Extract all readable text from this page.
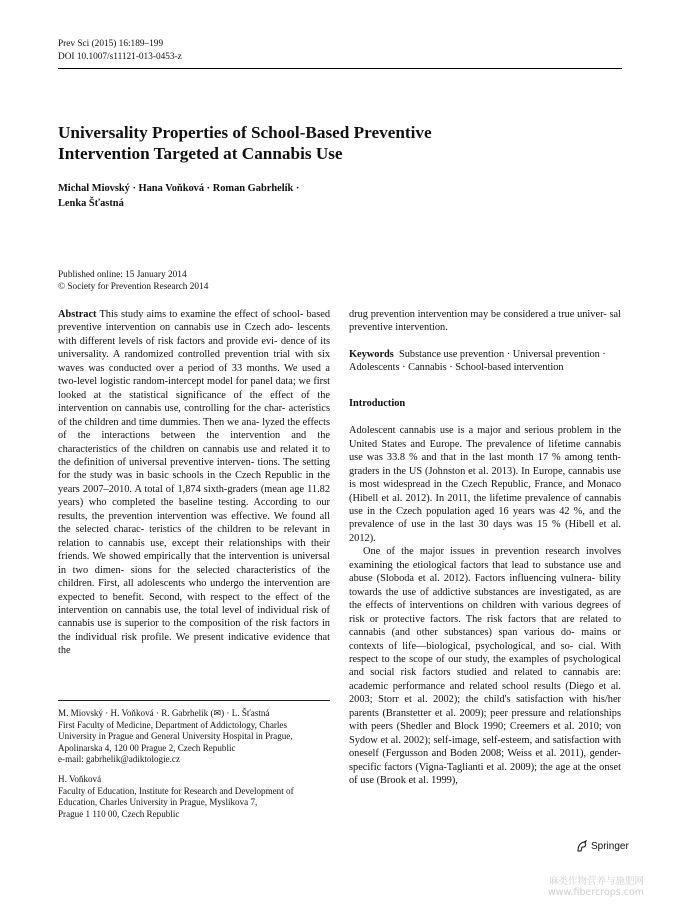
Prev Sci (2015) 16:189–199
DOI 10.1007/s11121-013-0453-z
Universality Properties of School-Based Preventive
Intervention Targeted at Cannabis Use
Michal Miovský · Hana Voňková · Roman Gabrhelík ·
Lenka Šťastná
Published online: 15 January 2014
© Society for Prevention Research 2014

Abstract This study aims to examine the effect of school- based preventive intervention on cannabis use in Czech ado- lescents with different levels of risk factors and provide evi- dence of its universality. A randomized controlled prevention trial with six waves was conducted over a period of 33 months. We used a two-level logistic random-intercept model for panel data; we first looked at the statistical significance of the effect of the intervention on cannabis use, controlling for the char- acteristics of the children and time dummies. Then we ana- lyzed the effects of the interactions between the intervention and the characteristics of the children on cannabis use and related it to the definition of universal preventive interven- tions. The setting for the study was in basic schools in the Czech Republic in the years 2007–2010. A total of 1,874 sixth-graders (mean age 11.82 years) who completed the baseline testing. According to our results, the prevention intervention was effective. We found all the selected charac- teristics of the children to be relevant in relation to cannabis use, except their relationships with their friends. We showed empirically that the intervention is universal in two dimen- sions for the selected characteristics of the children. First, all adolescents who undergo the intervention are expected to benefit. Second, with respect to the effect of the intervention on cannabis use, the total level of individual risk of cannabis use is superior to the composition of the risk factors in the individual risk profile. We present indicative evidence that the

drug prevention intervention may be considered a true univer- sal preventive intervention.

Keywords Substance use prevention · Universal prevention ·
Adolescents · Cannabis · School-based intervention

Introduction

Adolescent cannabis use is a major and serious problem in the United States and Europe. The prevalence of lifetime cannabis use was 33.8 % and that in the last month 17 % among tenth- graders in the US (Johnston et al. 2013). In Europe, cannabis use is most widespread in the Czech Republic, France, and Monaco (Hibell et al. 2012). In 2011, the lifetime prevalence of cannabis use in the Czech population aged 16 years was 42 %, and the prevalence of use in the last 30 days was 15 % (Hibell et al. 2012).

One of the major issues in prevention research involves examining the etiological factors that lead to substance use and abuse (Sloboda et al. 2012). Factors influencing vulnera- bility towards the use of addictive substances are investigated, as are the effects of interventions on children with various degrees of risk or protective factors. The risk factors that are related to cannabis (and other substances) span various do- mains or contexts of life—biological, psychological, and so- cial. With respect to the scope of our study, the examples of psychological and social risk factors studied and related to cannabis are: academic performance and related school results (Diego et al. 2003; Storr et al. 2002); the child's satisfaction with his/her parents (Branstetter et al. 2009); peer pressure and relationships with peers (Shedler and Block 1990; Creemers et al. 2010; von Sydow et al. 2002); self-image, self-esteem, and satisfaction with oneself (Fergusson and Boden 2008; Weiss et al. 2011), gender-specific factors (Vigna-Taglianti et al. 2009); the age at the onset of use (Brook et al. 1999),

M. Miovský · H. Voňková · R. Gabrhelík (✉) · L. Šťastná
First Faculty of Medicine, Department of Addictology, Charles
University in Prague and General University Hospital in Prague,
Apolinarska 4, 120 00 Prague 2, Czech Republic
e-mail: gabrhelik@adiktologie.cz
H. Voňková
Faculty of Education, Institute for Research and Development of
Education, Charles University in Prague, Myslíkova 7,
Prague 1 110 00, Czech Republic
Springer
麻类作物营养与施肥网
www.fibercrops.com
